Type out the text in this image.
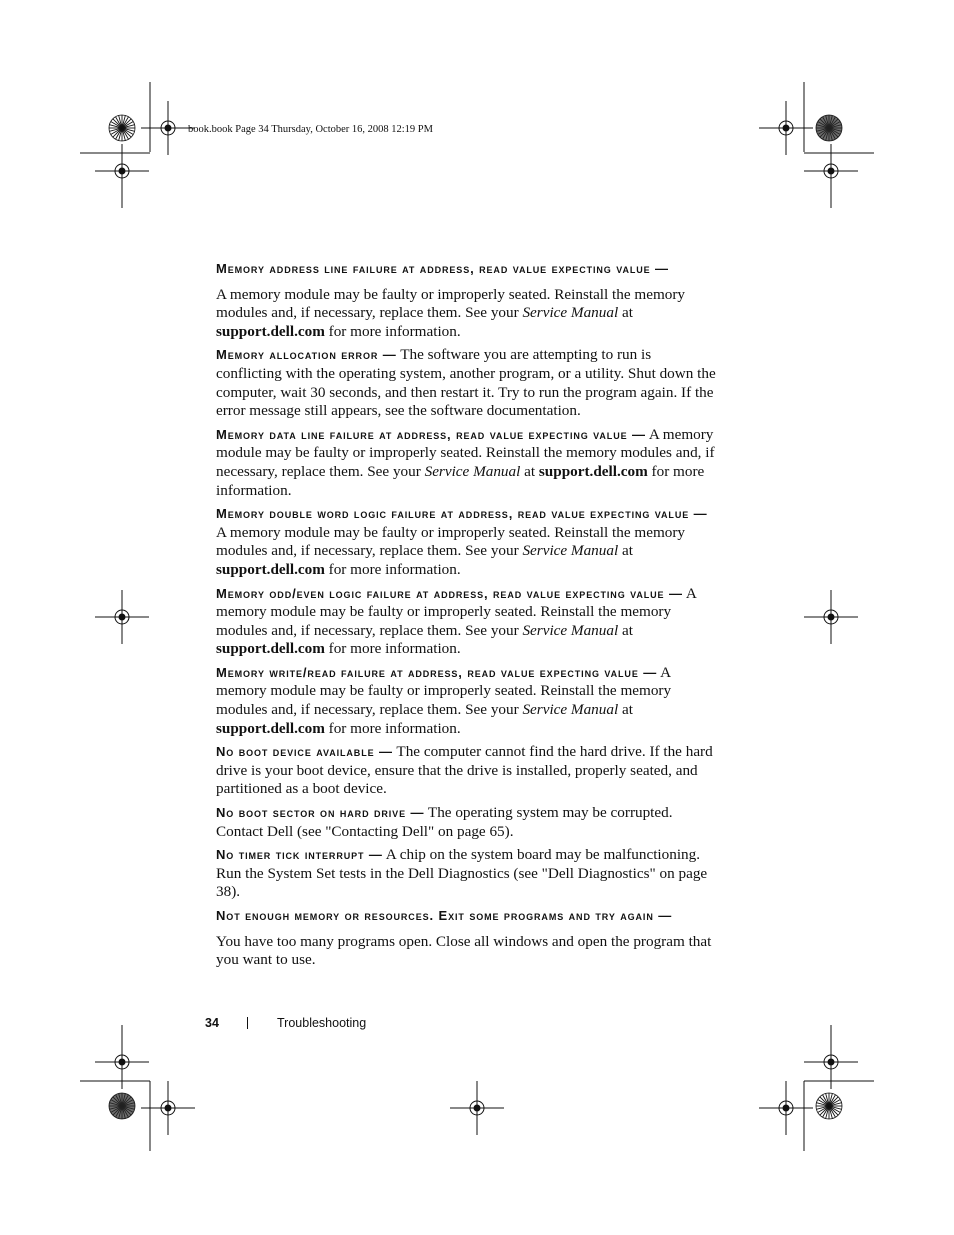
book.book Page 34 Thursday, October 16, 2008 12:19 PM

Memory address line failure at address, read value expecting value —
A memory module may be faulty or improperly seated. Reinstall the memory modules and, if necessary, replace them. See your Service Manual at support.dell.com for more information.

Memory allocation error — The software you are attempting to run is conflicting with the operating system, another program, or a utility. Shut down the computer, wait 30 seconds, and then restart it. Try to run the program again. If the error message still appears, see the software documentation.

Memory data line failure at address, read value expecting value — A memory module may be faulty or improperly seated. Reinstall the memory modules and, if necessary, replace them. See your Service Manual at support.dell.com for more information.

Memory double word logic failure at address, read value expecting value — A memory module may be faulty or improperly seated. Reinstall the memory modules and, if necessary, replace them. See your Service Manual at support.dell.com for more information.

Memory odd/even logic failure at address, read value expecting value — A memory module may be faulty or improperly seated. Reinstall the memory modules and, if necessary, replace them. See your Service Manual at support.dell.com for more information.

Memory write/read failure at address, read value expecting value — A memory module may be faulty or improperly seated. Reinstall the memory modules and, if necessary, replace them. See your Service Manual at support.dell.com for more information.

No boot device available — The computer cannot find the hard drive. If the hard drive is your boot device, ensure that the drive is installed, properly seated, and partitioned as a boot device.

No boot sector on hard drive — The operating system may be corrupted. Contact Dell (see "Contacting Dell" on page 65).

No timer tick interrupt — A chip on the system board may be malfunctioning. Run the System Set tests in the Dell Diagnostics (see "Dell Diagnostics" on page 38).

Not enough memory or resources. Exit some programs and try again —
You have too many programs open. Close all windows and open the program that you want to use.

34	Troubleshooting
